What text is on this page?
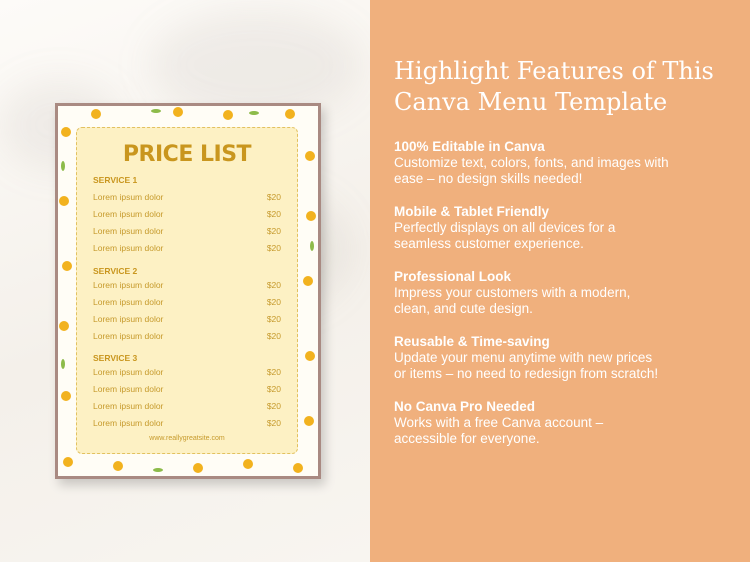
PRICE LIST
SERVICE 1
Lorem ipsum dolor	$20
Lorem ipsum dolor	$20
Lorem ipsum dolor	$20
Lorem ipsum dolor	$20
SERVICE 2
Lorem ipsum dolor	$20
Lorem ipsum dolor	$20
Lorem ipsum dolor	$20
Lorem ipsum dolor	$20
SERVICE 3
Lorem ipsum dolor	$20
Lorem ipsum dolor	$20
Lorem ipsum dolor	$20
Lorem ipsum dolor	$20
www.reallygreatsite.com
Highlight Features of This
Canva Menu Template
100% Editable in Canva
Customize text, colors, fonts, and images with
ease – no design skills needed!
Mobile & Tablet Friendly
Perfectly displays on all devices for a
seamless customer experience.
Professional Look
Impress your customers with a modern,
clean, and cute design.
Reusable & Time-saving
Update your menu anytime with new prices
or items – no need to redesign from scratch!
No Canva Pro Needed
Works with a free Canva account –
accessible for everyone.
